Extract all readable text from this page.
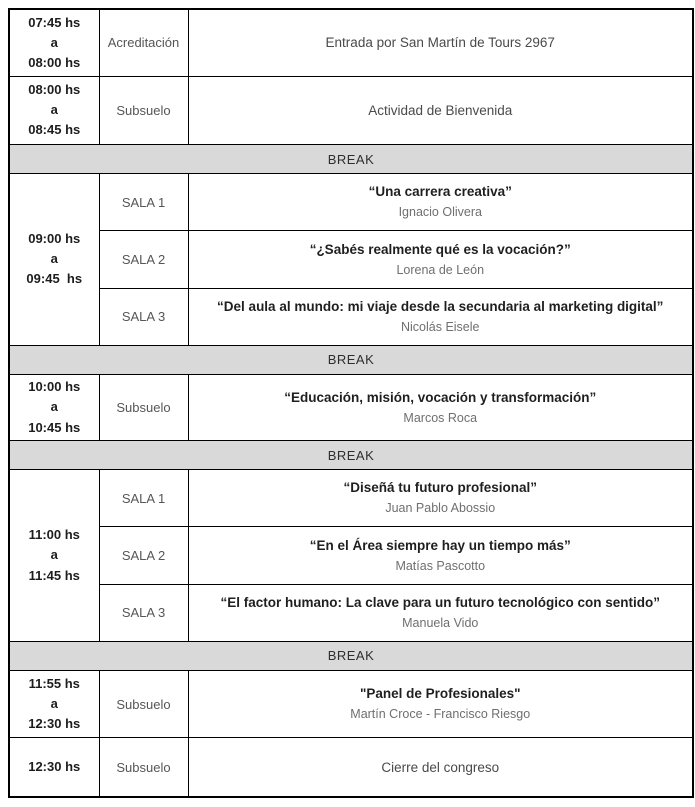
07:45 hs
a
08:00 hs	Acreditación	Entrada por San Martín de Tours 2967

08:00 hs
a
08:45 hs	Subsuelo	Actividad de Bienvenida
BREAK		

09:00 hs
a
09:45  hs	SALA 1	“Una carrera creativa”
Ignacio Olivera

	SALA 2	“¿Sabés realmente qué es la vocación?”
Lorena de León

	SALA 3	“Del aula al mundo: mi viaje desde la secundaria al marketing digital”
Nicolás Eisele

BREAK		

10:00 hs
a
10:45 hs	Subsuelo	“Educación, misión, vocación y transformación”
Marcos Roca

BREAK		

11:00 hs
a
11:45 hs	SALA 1	“Diseñá tu futuro profesional”
Juan Pablo Abossio

	SALA 2	“En el Área siempre hay un tiempo más”
Matías Pascotto

	SALA 3	“El factor humano: La clave para un futuro tecnológico con sentido”
Manuela Vido

BREAK		

11:55 hs
a
12:30 hs	Subsuelo	"Panel de Profesionales"
Martín Croce - Francisco Riesgo

12:30 hs	Subsuelo	Cierre del congreso
